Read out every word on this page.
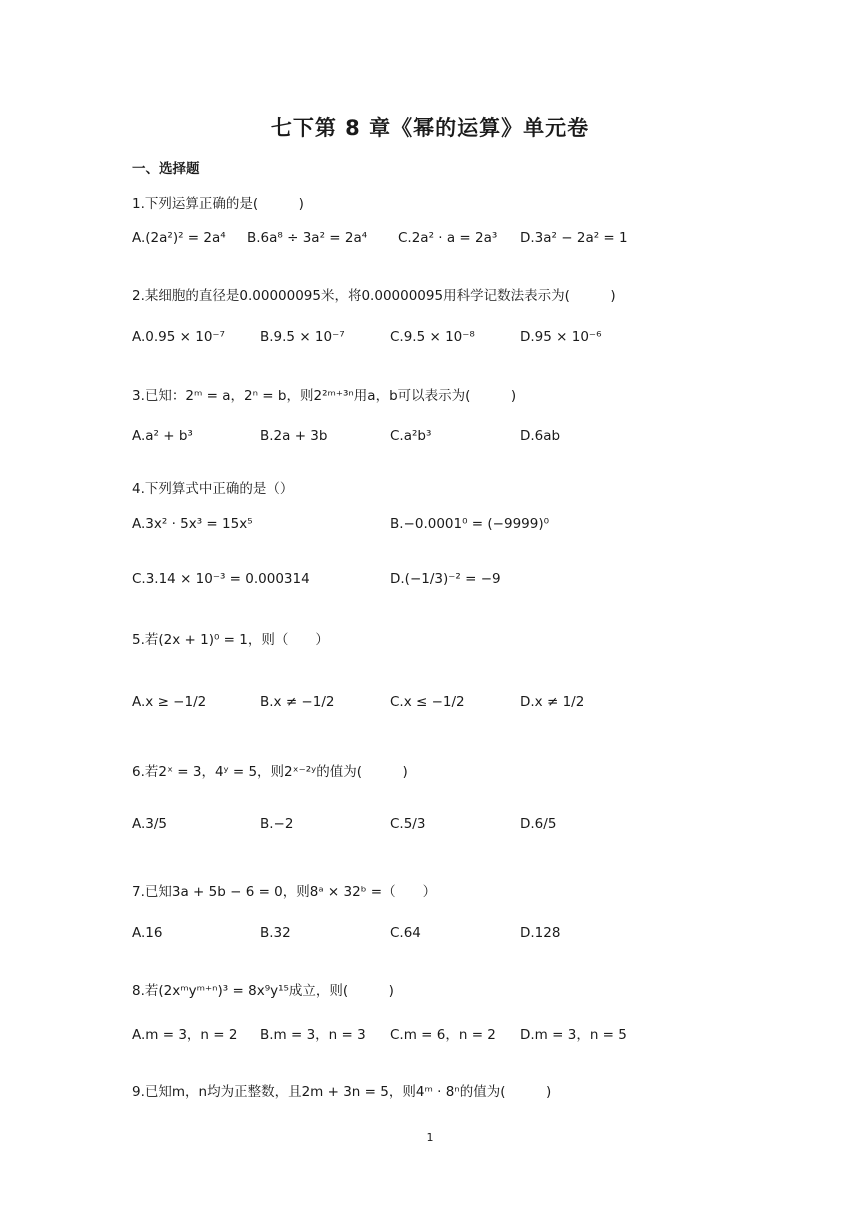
七下第 8 章《幂的运算》单元卷
一、选择题
1.下列运算正确的是(　　　)
A.(2a²)² = 2a⁴ B.6a⁸ ÷ 3a² = 2a⁴ C.2a² · a = 2a³ D.3a² − 2a² = 1
2.某细胞的直径是0.00000095米，将0.00000095用科学记数法表示为(　　　)
A.0.95 × 10⁻⁷	B.9.5 × 10⁻⁷	C.9.5 × 10⁻⁸	D.95 × 10⁻⁶
3.已知：2ᵐ = a，2ⁿ = b，则2²ᵐ⁺³ⁿ用a，b可以表示为(　　　)
A.a² + b³	B.2a + 3b	C.a²b³	D.6ab
4.下列算式中正确的是（）
A.3x² · 5x³ = 15x⁵	B.−0.0001⁰ = (−9999)⁰
C.3.14 × 10⁻³ = 0.000314	D.(−1/3)⁻² = −9
5.若(2x + 1)⁰ = 1，则（　　）
A.x ≥ −1/2	B.x ≠ −1/2	C.x ≤ −1/2	D.x ≠ 1/2
6.若2ˣ = 3，4ʸ = 5，则2ˣ⁻²ʸ的值为(　　　)
A.3/5	B.−2	C.5/3	D.6/5
7.已知3a + 5b − 6 = 0，则8ᵃ × 32ᵇ =（　　）
A.16	B.32	C.64	D.128
8.若(2xᵐyᵐ⁺ⁿ)³ = 8x⁹y¹⁵成立，则(　　　)
A.m = 3，n = 2 B.m = 3，n = 3 C.m = 6，n = 2 D.m = 3，n = 5
9.已知m，n均为正整数，且2m + 3n = 5，则4ᵐ · 8ⁿ的值为(　　　)
1
